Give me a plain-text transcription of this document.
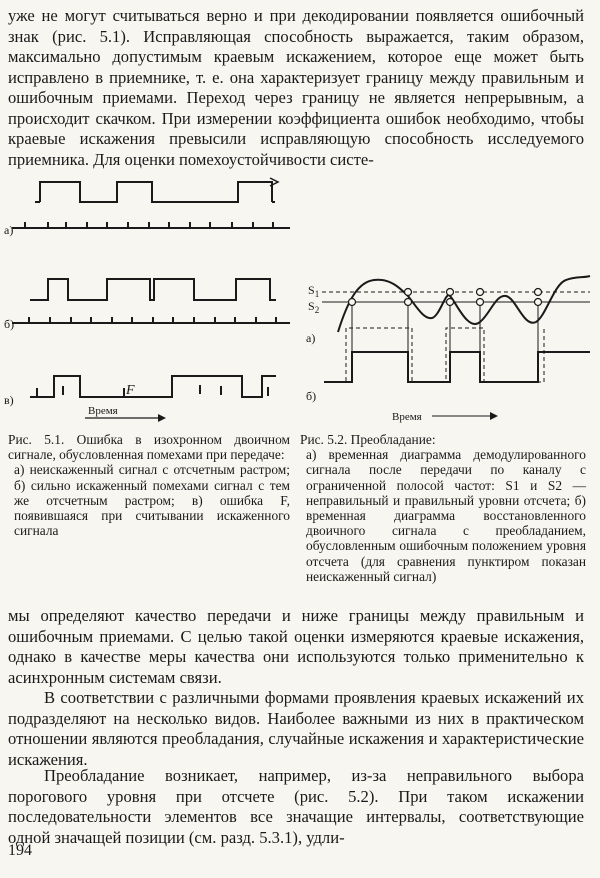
уже не могут считываться верно и при декодировании появляется ошибочный знак (рис. 5.1). Исправляющая способность выражается, таким образом, максимально допустимым краевым искажением, которое еще может быть исправлено в приемнике, т. е. она характеризует границу между правильным и ошибочным приемами. Переход через границу не является непрерывным, а происходит скачком. При измерении коэффициента ошибок необходимо, чтобы краевые искажения превысили исправляющую способность исследуемого приемника. Для оценки помехоустойчивости систе-

а)
б)
в)
F
Время
$S_1$
$S_2$
а)
б)
Время
Рис. 5.1. Ошибка в изохронном двоичном сигнале, обусловленная помехами при передаче:
а) неискаженный сигнал с отсчетным растром; б) сильно искаженный помехами сигнал с тем же отсчетным растром; в) ошибка F, появившаяся при считывании искаженного сигнала
Рис. 5.2. Преобладание:
а) временная диаграмма демодулированного сигнала после передачи по каналу с ограниченной полосой частот: S1 и S2 — неправильный и правильный уровни отсчета; б) временная диаграмма восстановленного двоичного сигнала с преобладанием, обусловленным ошибочным положением уровня отсчета (для сравнения пунктиром показан неискаженный сигнал)

мы определяют качество передачи и ниже границы между правильным и ошибочным приемами. С целью такой оценки измеряются краевые искажения, однако в качестве меры качества они используются только применительно к асинхронным системам связи.

В соответствии с различными формами проявления краевых искажений их подразделяют на несколько видов. Наиболее важными из них в практическом отношении являются преобладания, случайные искажения и характеристические искажения.

Преобладание возникает, например, из-за неправильного выбора порогового уровня при отсчете (рис. 5.2). При таком искажении последовательности элементов все значащие интервалы, соответствующие одной значащей позиции (см. разд. 5.3.1), удли-

194
